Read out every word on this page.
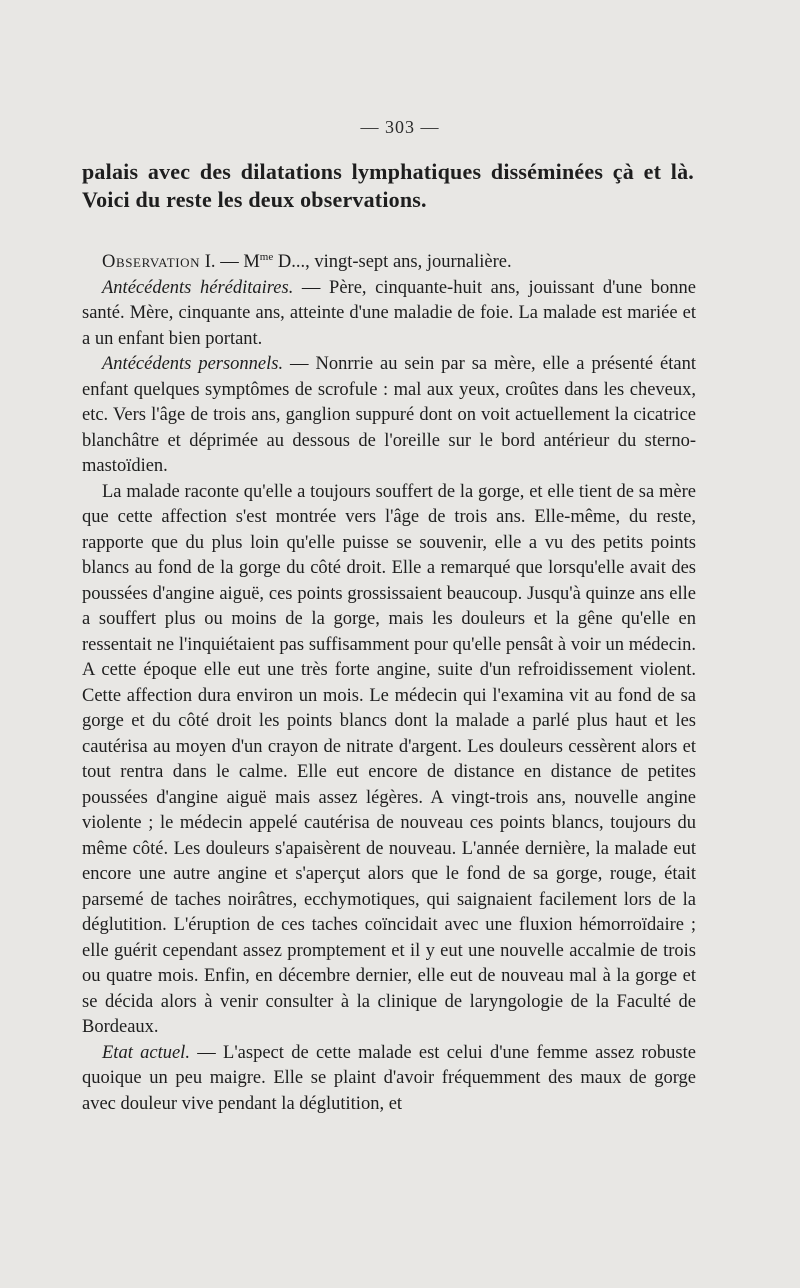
— 303 —

palais avec des dilatations lymphatiques disséminées çà et là. Voici du reste les deux observations.

Observation I. — $M^{me}$ D..., vingt-sept ans, journalière.

Antécédents héréditaires. — Père, cinquante-huit ans, jouissant d'une bonne santé. Mère, cinquante ans, atteinte d'une maladie de foie. La malade est mariée et a un enfant bien portant.

Antécédents personnels. — Nonrrie au sein par sa mère, elle a présenté étant enfant quelques symptômes de scrofule : mal aux yeux, croûtes dans les cheveux, etc. Vers l'âge de trois ans, ganglion suppuré dont on voit actuellement la cicatrice blanchâtre et déprimée au dessous de l'oreille sur le bord antérieur du sterno-mastoïdien.

La malade raconte qu'elle a toujours souffert de la gorge, et elle tient de sa mère que cette affection s'est montrée vers l'âge de trois ans. Elle-même, du reste, rapporte que du plus loin qu'elle puisse se souvenir, elle a vu des petits points blancs au fond de la gorge du côté droit. Elle a remarqué que lorsqu'elle avait des poussées d'angine aiguë, ces points grossissaient beaucoup. Jusqu'à quinze ans elle a souffert plus ou moins de la gorge, mais les douleurs et la gêne qu'elle en ressentait ne l'inquiétaient pas suffisamment pour qu'elle pensât à voir un médecin. A cette époque elle eut une très forte angine, suite d'un refroidissement violent. Cette affection dura environ un mois. Le médecin qui l'examina vit au fond de sa gorge et du côté droit les points blancs dont la malade a parlé plus haut et les cautérisa au moyen d'un crayon de nitrate d'argent. Les douleurs cessèrent alors et tout rentra dans le calme. Elle eut encore de distance en distance de petites poussées d'angine aiguë mais assez légères. A vingt-trois ans, nouvelle angine violente ; le médecin appelé cautérisa de nouveau ces points blancs, toujours du même côté. Les douleurs s'apaisèrent de nouveau. L'année dernière, la malade eut encore une autre angine et s'aperçut alors que le fond de sa gorge, rouge, était parsemé de taches noirâtres, ecchymotiques, qui saignaient facilement lors de la déglutition. L'éruption de ces taches coïncidait avec une fluxion hémorroïdaire ; elle guérit cependant assez promptement et il y eut une nouvelle accalmie de trois ou quatre mois. Enfin, en décembre dernier, elle eut de nouveau mal à la gorge et se décida alors à venir consulter à la clinique de laryngologie de la Faculté de Bordeaux.

Etat actuel. — L'aspect de cette malade est celui d'une femme assez robuste quoique un peu maigre. Elle se plaint d'avoir fréquemment des maux de gorge avec douleur vive pendant la déglutition, et
